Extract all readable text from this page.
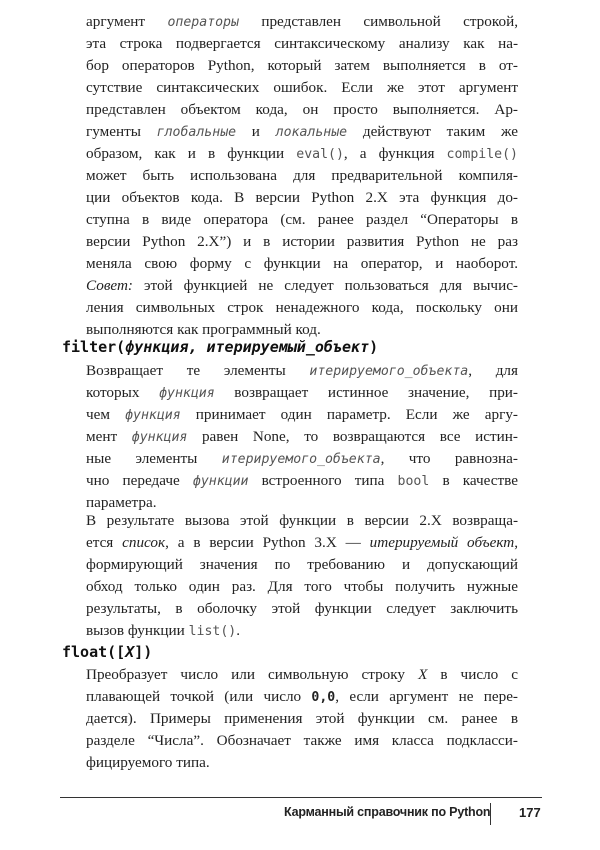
аргумент операторы представлен символьной строкой,
эта строка подвергается синтаксическому анализу как на-
бор операторов Python, который затем выполняется в от-
сутствие синтаксических ошибок. Если же этот аргумент
представлен объектом кода, он просто выполняется. Ар-
гументы глобальные и локальные действуют таким же
образом, как и в функции eval(), а функция compile()
может быть использована для предварительной компиля-
ции объектов кода. В версии Python 2.X эта функция до-
ступна в виде оператора (см. ранее раздел “Операторы в
версии Python 2.X”) и в истории развития Python не раз
меняла свою форму с функции на оператор, и наоборот.
Совет: этой функцией не следует пользоваться для вычис-
ления символьных строк ненадежного кода, поскольку они
выполняются как программный код.
filter(функция, итерируемый_объект)
Возвращает те элементы итерируемого_объекта, для
которых функция возвращает истинное значение, при-
чем функция принимает один параметр. Если же аргу-
мент функция равен None, то возвращаются все истин-
ные элементы итерируемого_объекта, что равнозна-
чно передаче функции встроенного типа bool в качестве
параметра.
В результате вызова этой функции в версии 2.X возвраща-
ется список, а в версии Python 3.X — итерируемый объект,
формирующий значения по требованию и допускающий
обход только один раз. Для того чтобы получить нужные
результаты, в оболочку этой функции следует заключить
вызов функции list().
float([X])
Преобразует число или символьную строку X в число с
плавающей точкой (или число 0,0, если аргумент не пере-
дается). Примеры применения этой функции см. ранее в
разделе “Числа”. Обозначает также имя класса подкласси-
фицируемого типа.
Карманный справочник по Python 177
